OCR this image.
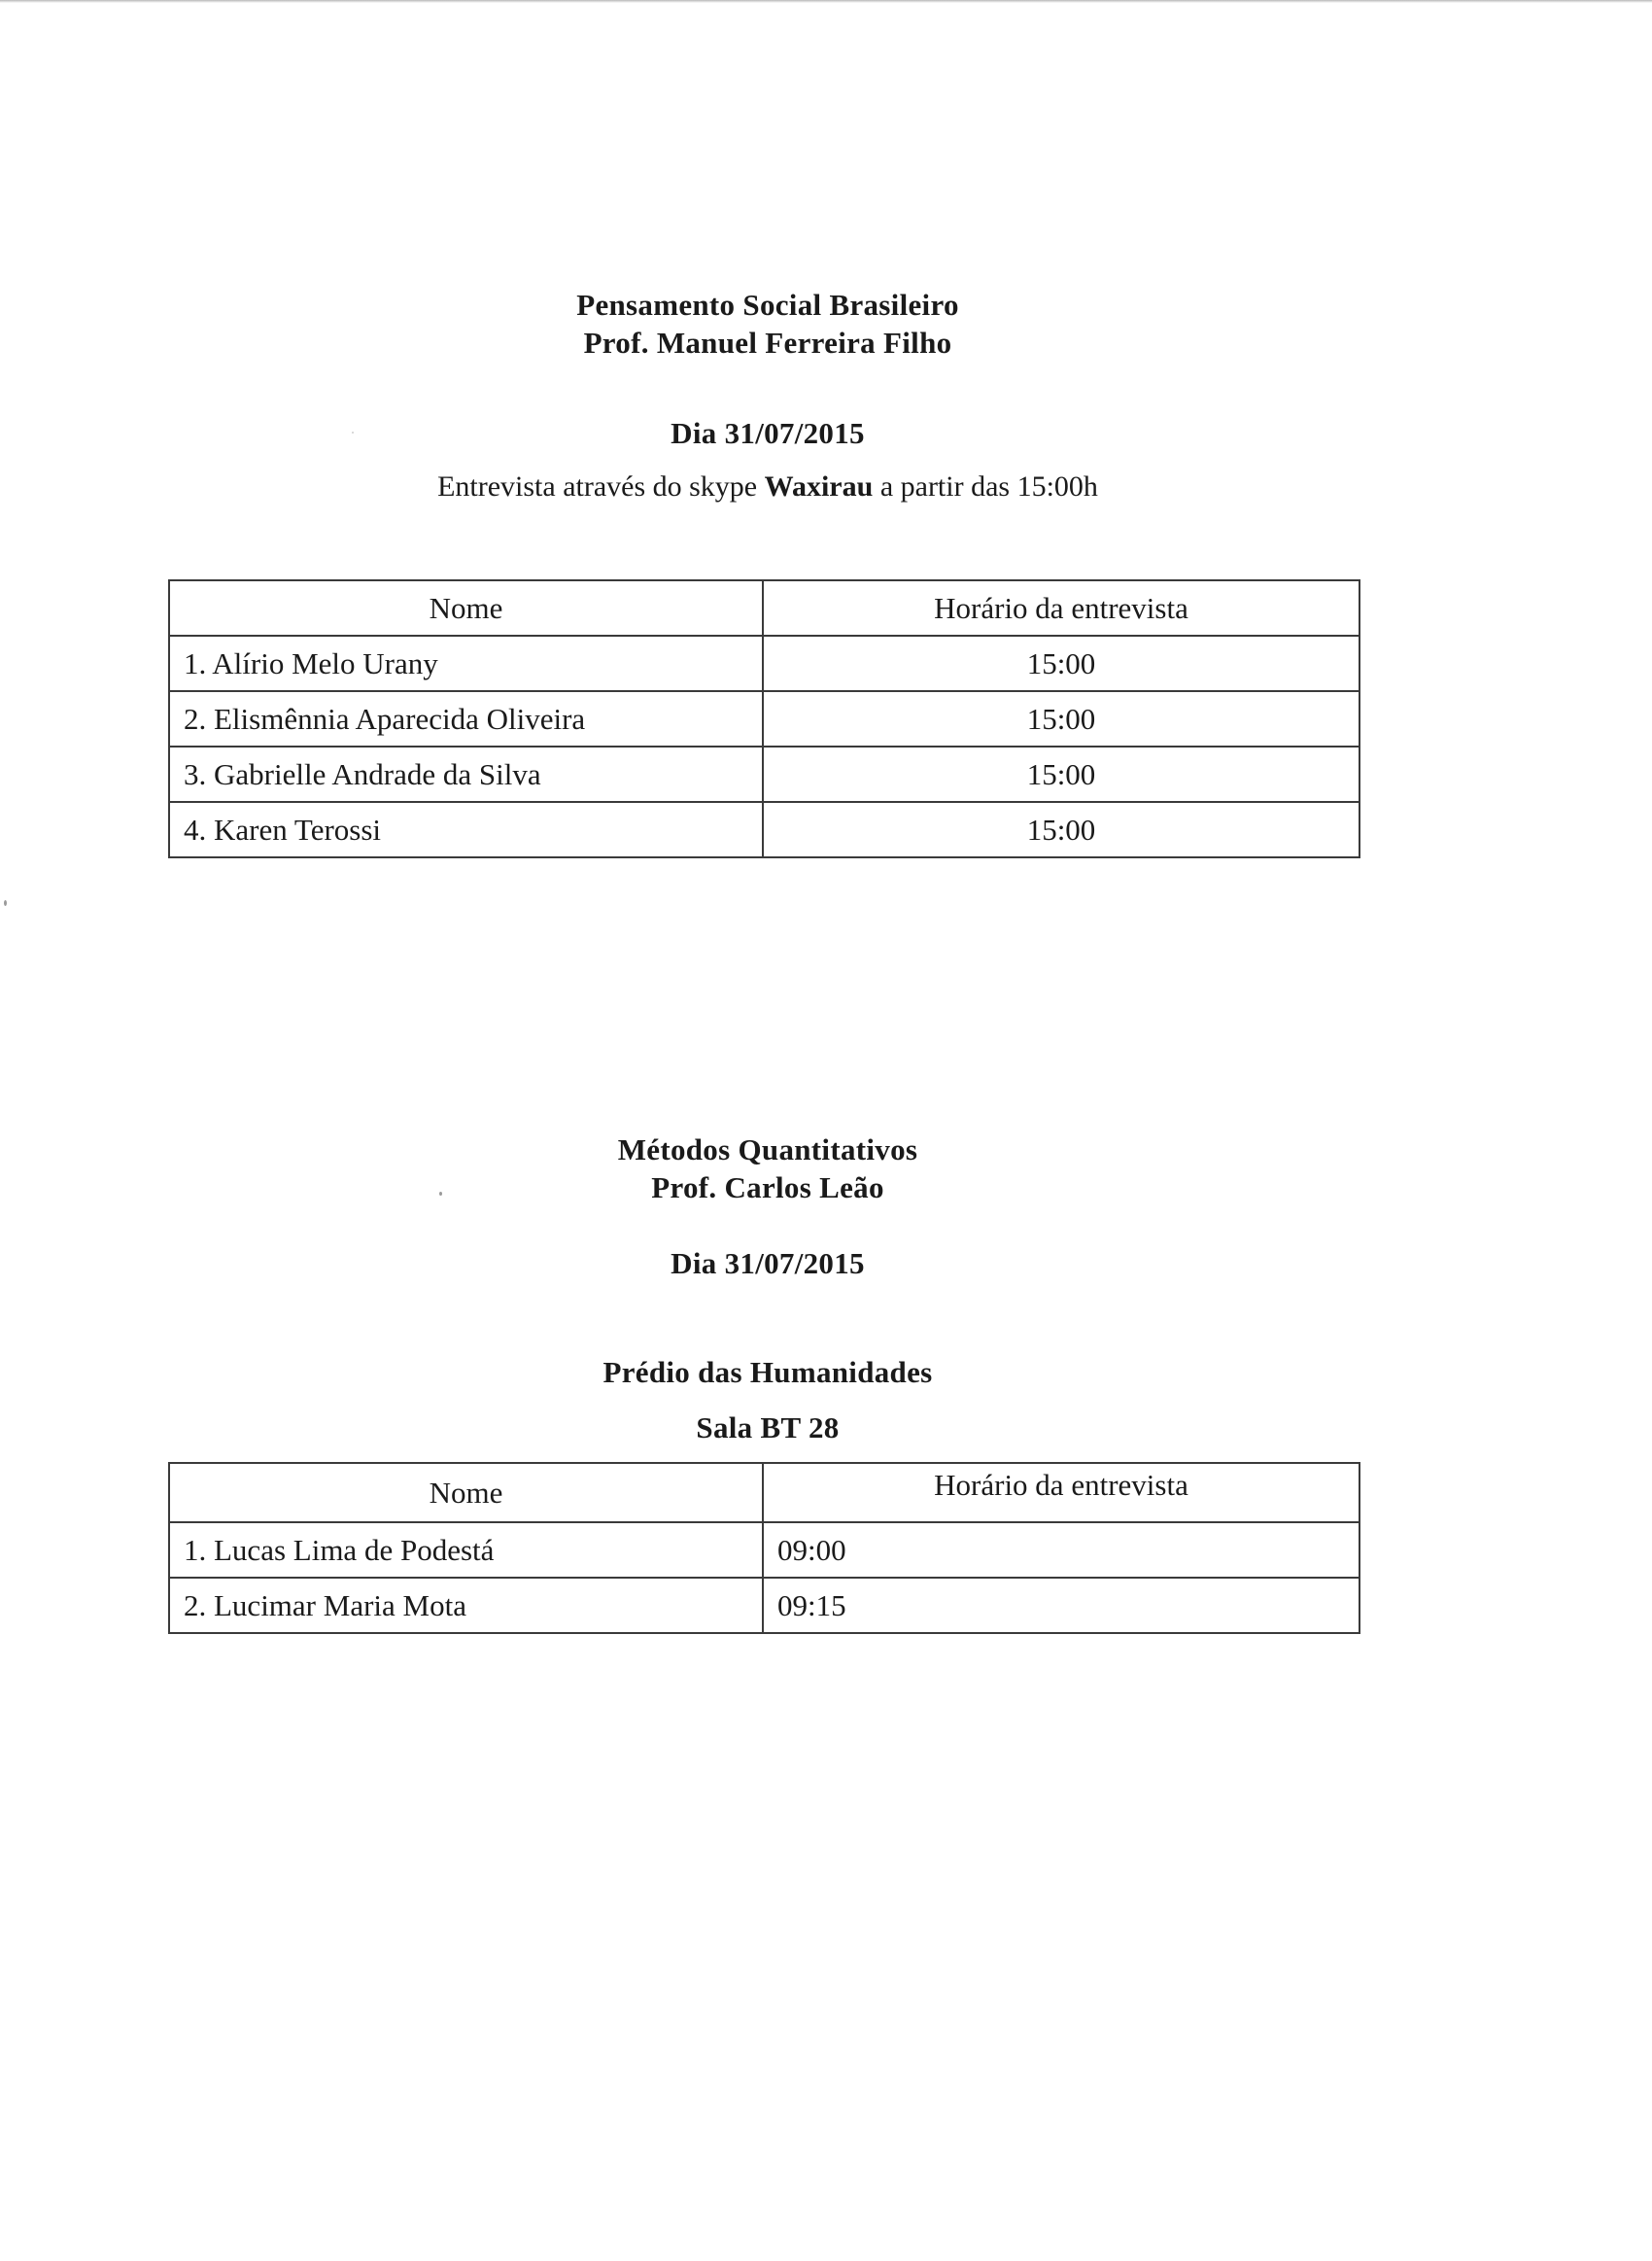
Pensamento Social Brasileiro
Prof. Manuel Ferreira Filho
Dia 31/07/2015
Entrevista através do skype Waxirau a partir das 15:00h
Nome	Horário da entrevista
1. Alírio Melo Urany	15:00
2. Elismênnia Aparecida Oliveira	15:00
3. Gabrielle Andrade da Silva	15:00
4. Karen Terossi	15:00
Métodos Quantitativos
Prof. Carlos Leão
Dia 31/07/2015
Prédio das Humanidades
Sala BT 28
Nome	Horário da entrevista
1. Lucas Lima de Podestá	09:00
2. Lucimar Maria Mota	09:15
